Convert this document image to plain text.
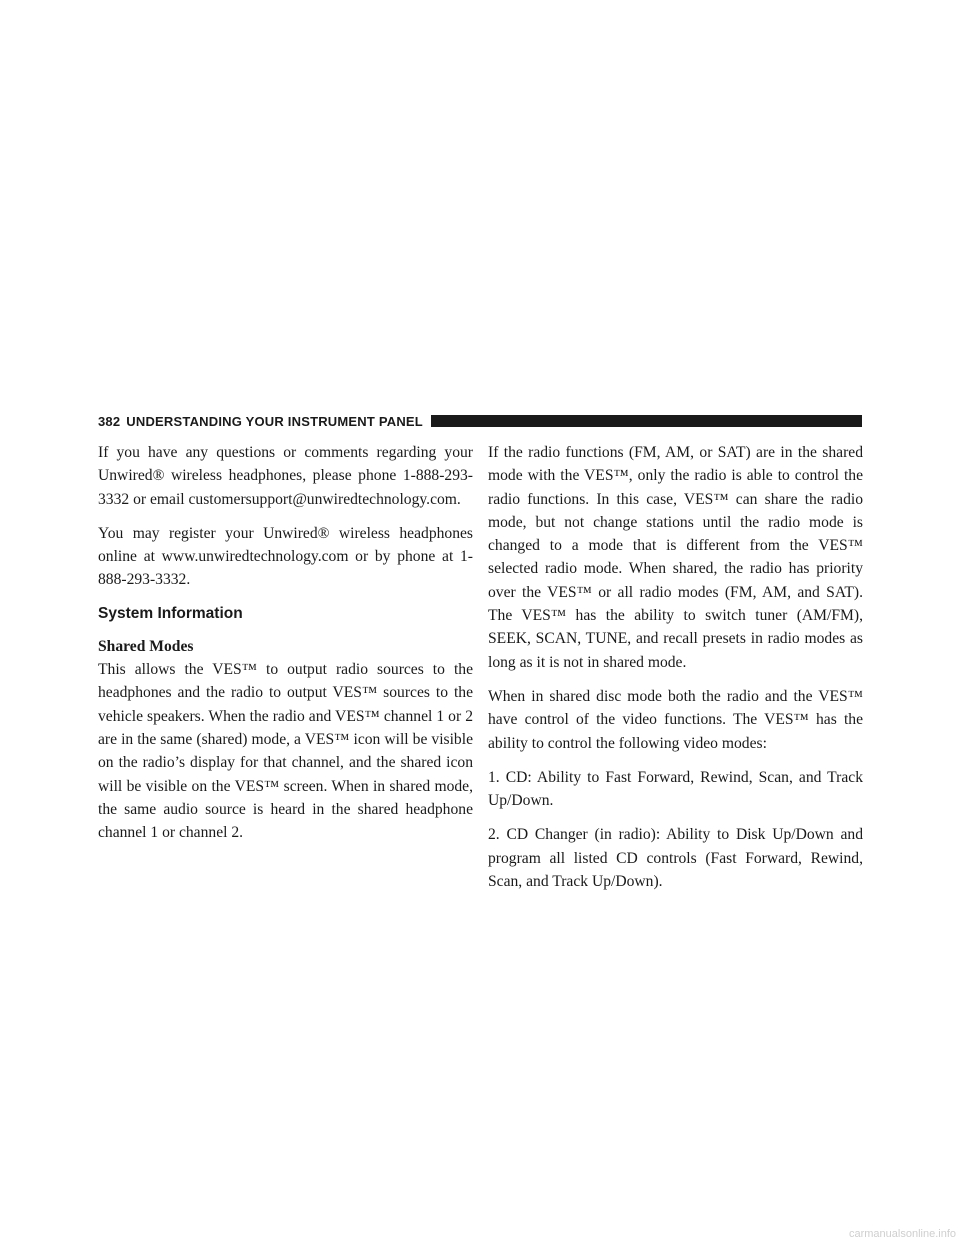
382 UNDERSTANDING YOUR INSTRUMENT PANEL

If you have any questions or comments regarding your Unwired® wireless headphones, please phone 1-888-293-3332 or email customersupport@unwiredtechnology.com.

You may register your Unwired® wireless headphones online at www.unwiredtechnology.com or by phone at 1-888-293-3332.

System Information
Shared Modes

This allows the VES™ to output radio sources to the headphones and the radio to output VES™ sources to the vehicle speakers. When the radio and VES™ channel 1 or 2 are in the same (shared) mode, a VES™ icon will be visible on the radio’s display for that channel, and the shared icon will be visible on the VES™ screen. When in shared mode, the same audio source is heard in the shared headphone channel 1 or channel 2.

If the radio functions (FM, AM, or SAT) are in the shared mode with the VES™, only the radio is able to control the radio functions. In this case, VES™ can share the radio mode, but not change stations until the radio mode is changed to a mode that is different from the VES™ selected radio mode. When shared, the radio has priority over the VES™ or all radio modes (FM, AM, and SAT). The VES™ has the ability to switch tuner (AM/FM), SEEK, SCAN, TUNE, and recall presets in radio modes as long as it is not in shared mode.

When in shared disc mode both the radio and the VES™ have control of the video functions. The VES™ has the ability to control the following video modes:

1. CD: Ability to Fast Forward, Rewind, Scan, and Track Up/Down.

2. CD Changer (in radio): Ability to Disk Up/Down and program all listed CD controls (Fast Forward, Rewind, Scan, and Track Up/Down).

carmanualsonline.info
